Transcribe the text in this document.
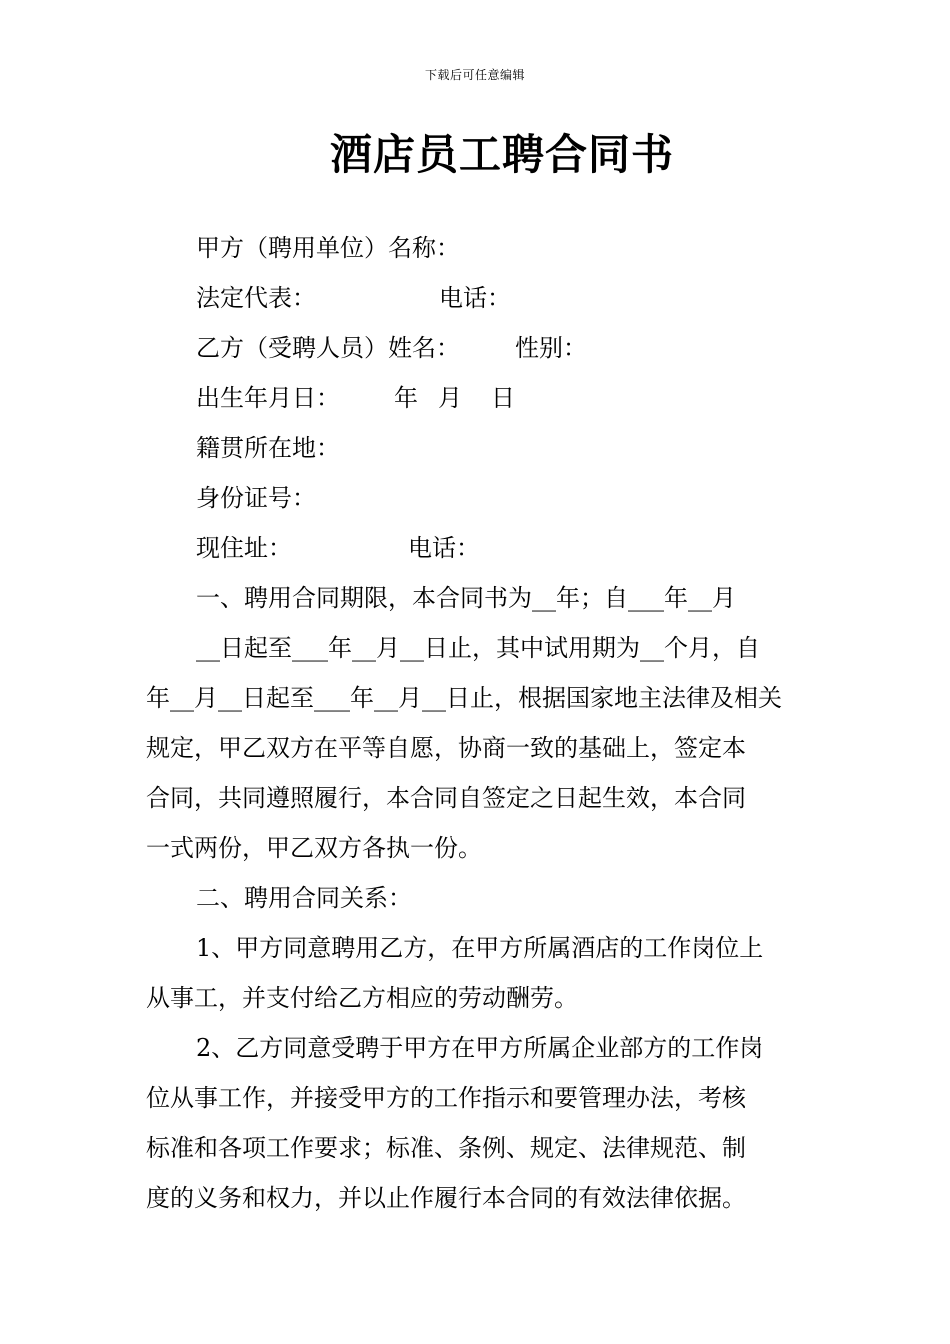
下载后可任意编辑
酒店员工聘合同书
甲方（聘用单位）名称：
法定代表：	电话：
乙方（受聘人员）姓名： 性别：
出生年月日： 年 月 日
籍贯所在地：
身份证号：
现住址：	电话：
一、聘用合同期限，本合同书为__年；自___年__月
__日起至___年__月__日止，其中试用期为__个月，自
年__月__日起至___年__月__日止，根据国家地主法律及相关
规定，甲乙双方在平等自愿，协商一致的基础上，签定本
合同，共同遵照履行，本合同自签定之日起生效，本合同
一式两份，甲乙双方各执一份。
二、聘用合同关系：
1、甲方同意聘用乙方，在甲方所属酒店的工作岗位上
从事工，并支付给乙方相应的劳动酬劳。
2、乙方同意受聘于甲方在甲方所属企业部方的工作岗
位从事工作，并接受甲方的工作指示和要管理办法，考核
标准和各项工作要求；标准、条例、规定、法律规范、制
度的义务和权力，并以止作履行本合同的有效法律依据。
